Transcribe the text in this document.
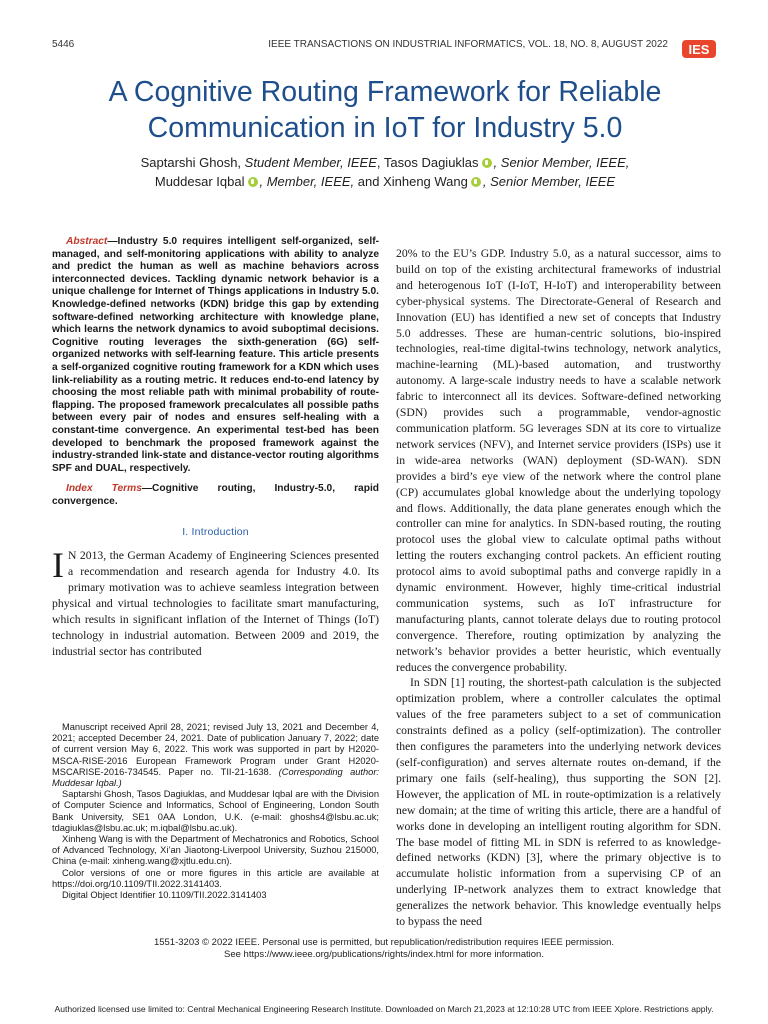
5446	IEEE TRANSACTIONS ON INDUSTRIAL INFORMATICS, VOL. 18, NO. 8, AUGUST 2022 IES
A Cognitive Routing Framework for Reliable Communication in IoT for Industry 5.0
Saptarshi Ghosh, Student Member, IEEE, Tasos Dagiuklas , Senior Member, IEEE,
Muddesar Iqbal , Member, IEEE, and Xinheng Wang , Senior Member, IEEE
Abstract—Industry 5.0 requires intelligent self-organized, self-managed, and self-monitoring applications with ability to analyze and predict the human as well as machine behaviors across interconnected devices. Tackling dynamic network behavior is a unique challenge for Internet of Things applications in Industry 5.0. Knowledge-defined networks (KDN) bridge this gap by extending software-defined networking architecture with knowledge plane, which learns the network dynamics to avoid suboptimal decisions. Cognitive routing leverages the sixth-generation (6G) self-organized networks with self-learning feature. This article presents a self-organized cognitive routing framework for a KDN which uses link-reliability as a routing metric. It reduces end-to-end latency by choosing the most reliable path with minimal probability of route-flapping. The proposed framework precalculates all possible paths between every pair of nodes and ensures self-healing with a constant-time convergence. An experimental test-bed has been developed to benchmark the proposed framework against the industry-stranded link-state and distance-vector routing algorithms SPF and DUAL, respectively.
Index Terms—Cognitive routing, Industry-5.0, rapid convergence.
I. Introduction

I N 2013, the German Academy of Engineering Sciences presented a recommendation and research agenda for Industry 4.0. Its primary motivation was to achieve seamless integration between physical and virtual technologies to facilitate smart manufacturing, which results in significant inflation of the Internet of Things (IoT) technology in industrial automation. Between 2009 and 2019, the industrial sector has contributed

Manuscript received April 28, 2021; revised July 13, 2021 and December 4, 2021; accepted December 24, 2021. Date of publication January 7, 2022; date of current version May 6, 2022. This work was supported in part by H2020-MSCA-RISE-2016 European Framework Program under Grant H2020-MSCARISE-2016-734545. Paper no. TII-21-1638. (Corresponding author: Muddesar Iqbal.)

Saptarshi Ghosh, Tasos Dagiuklas, and Muddesar Iqbal are with the Division of Computer Science and Informatics, School of Engineering, London South Bank University, SE1 0AA London, U.K. (e-mail: ghoshs4@lsbu.ac.uk; tdagiuklas@lsbu.ac.uk; m.iqbal@lsbu.ac.uk).

Xinheng Wang is with the Department of Mechatronics and Robotics, School of Advanced Technology, Xi’an Jiaotong-Liverpool University, Suzhou 215000, China (e-mail: xinheng.wang@xjtlu.edu.cn).

Color versions of one or more figures in this article are available at https://doi.org/10.1109/TII.2022.3141403.

Digital Object Identifier 10.1109/TII.2022.3141403

20% to the EU’s GDP. Industry 5.0, as a natural successor, aims to build on top of the existing architectural frameworks of industrial and heterogenous IoT (I-IoT, H-IoT) and interoperability between cyber-physical systems. The Directorate-General of Research and Innovation (EU) has identified a new set of concepts that Industry 5.0 addresses. These are human-centric solutions, bio-inspired technologies, real-time digital-twins technology, network analytics, machine-learning (ML)-based automation, and trustworthy autonomy. A large-scale industry needs to have a scalable network fabric to interconnect all its devices. Software-defined networking (SDN) provides such a programmable, vendor-agnostic communication platform. 5G leverages SDN at its core to virtualize network services (NFV), and Internet service providers (ISPs) use it in wide-area networks (WAN) deployment (SD-WAN). SDN provides a bird’s eye view of the network where the control plane (CP) accumulates global knowledge about the underlying topology and flows. Additionally, the data plane generates enough which the controller can mine for analytics. In SDN-based routing, the routing protocol uses the global view to calculate optimal paths without letting the routers exchanging control packets. An efficient routing protocol aims to avoid suboptimal paths and converge rapidly in a dynamic environment. However, highly time-critical industrial communication systems, such as IoT infrastructure for manufacturing plants, cannot tolerate delays due to routing protocol convergence. Therefore, routing optimization by analyzing the network’s behavior provides a better heuristic, which eventually reduces the convergence probability.

In SDN [1] routing, the shortest-path calculation is the subjected optimization problem, where a controller calculates the optimal values of the free parameters subject to a set of communication constraints defined as a policy (self-optimization). The controller then configures the parameters into the underlying network devices (self-configuration) and serves alternate routes on-demand, if the primary one fails (self-healing), thus supporting the SON [2]. However, the application of ML in route-optimization is a relatively new domain; at the time of writing this article, there are a handful of works done in developing an intelligent routing algorithm for SDN. The base model of fitting ML in SDN is referred to as knowledge-defined networks (KDN) [3], where the primary objective is to accumulate holistic information from a supervising CP of an underlying IP-network analyzes them to extract knowledge that generalizes the network behavior. This knowledge eventually helps to bypass the need

1551-3203 © 2022 IEEE. Personal use is permitted, but republication/redistribution requires IEEE permission.
See https://www.ieee.org/publications/rights/index.html for more information.
Authorized licensed use limited to: Central Mechanical Engineering Research Institute. Downloaded on March 21,2023 at 12:10:28 UTC from IEEE Xplore. Restrictions apply.
